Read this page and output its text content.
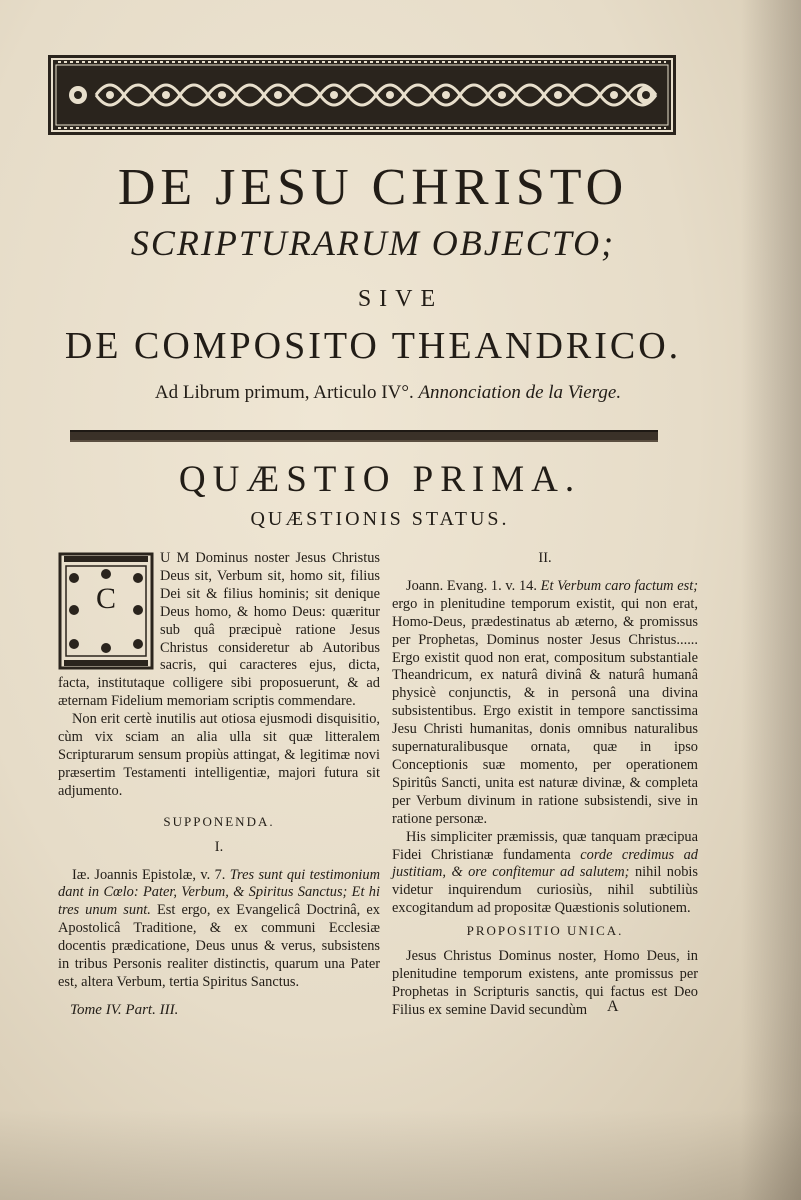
DE JESU CHRISTO
SCRIPTURARUM OBJECTO;
SIVE
DE COMPOSITO THEANDRICO.
Ad Librum primum, Articulo IV°. Annonciation de la Vierge.
QUÆSTIO PRIMA.
QUÆSTIONIS STATUS.
C

U M Dominus noster Jesus Christus Deus sit, Verbum sit, homo sit, filius Dei sit & filius hominis; sit denique Deus homo, & homo Deus: quæritur sub quâ præcipuè ratione Jesus Christus consideretur ab Autoribus sacris, qui caracteres ejus, dicta, facta, institutaque colligere sibi proposuerunt, & ad æternam Fidelium memoriam scriptis commendare.

Non erit certè inutilis aut otiosa ejusmodi disquisitio, cùm vix sciam an alia ulla sit quæ litteralem Scripturarum sensum propiùs attingat, & legitimæ novi præsertim Testamenti intelligentiæ, majori futura sit adjumento.

SUPPONENDA.

I.

Iæ. Joannis Epistolæ, v. 7. Tres sunt qui testimonium dant in Cœlo: Pater, Verbum, & Spiritus Sanctus; Et hi tres unum sunt. Est ergo, ex Evangelicâ Doctrinâ, ex Apostolicâ Traditione, & ex communi Ecclesiæ docentis prædicatione, Deus unus & verus, subsistens in tribus Personis realiter distinctis, quarum una Pater est, altera Verbum, tertia Spiritus Sanctus.

Tome IV. Part. III.

II.

Joann. Evang. 1. v. 14. Et Verbum caro factum est; ergo in plenitudine temporum existit, qui non erat, Homo-Deus, prædestinatus ab æterno, & promissus per Prophetas, Dominus noster Jesus Christus...... Ergo existit quod non erat, compositum substantiale Theandricum, ex naturâ divinâ & naturâ humanâ physicè conjunctis, & in personâ una divina subsistentibus. Ergo existit in tempore sanctissima Jesu Christi humanitas, donis omnibus naturalibus supernaturalibusque ornata, quæ in ipso Conceptionis suæ momento, per operationem Spiritûs Sancti, unita est naturæ divinæ, & completa per Verbum divinum in ratione subsistendi, sive in ratione personæ.

His simpliciter præmissis, quæ tanquam præcipua Fidei Christianæ fundamenta corde credimus ad justitiam, & ore confitemur ad salutem; nihil nobis videtur inquirendum curiosiùs, nihil subtiliùs excogitandum ad propositæ Quæstionis solutionem.

PROPOSITIO UNICA.

Jesus Christus Dominus noster, Homo Deus, in plenitudine temporum existens, ante promissus per Prophetas in Scripturis sanctis, qui factus est Deo Filius ex semine David secundùm	A
